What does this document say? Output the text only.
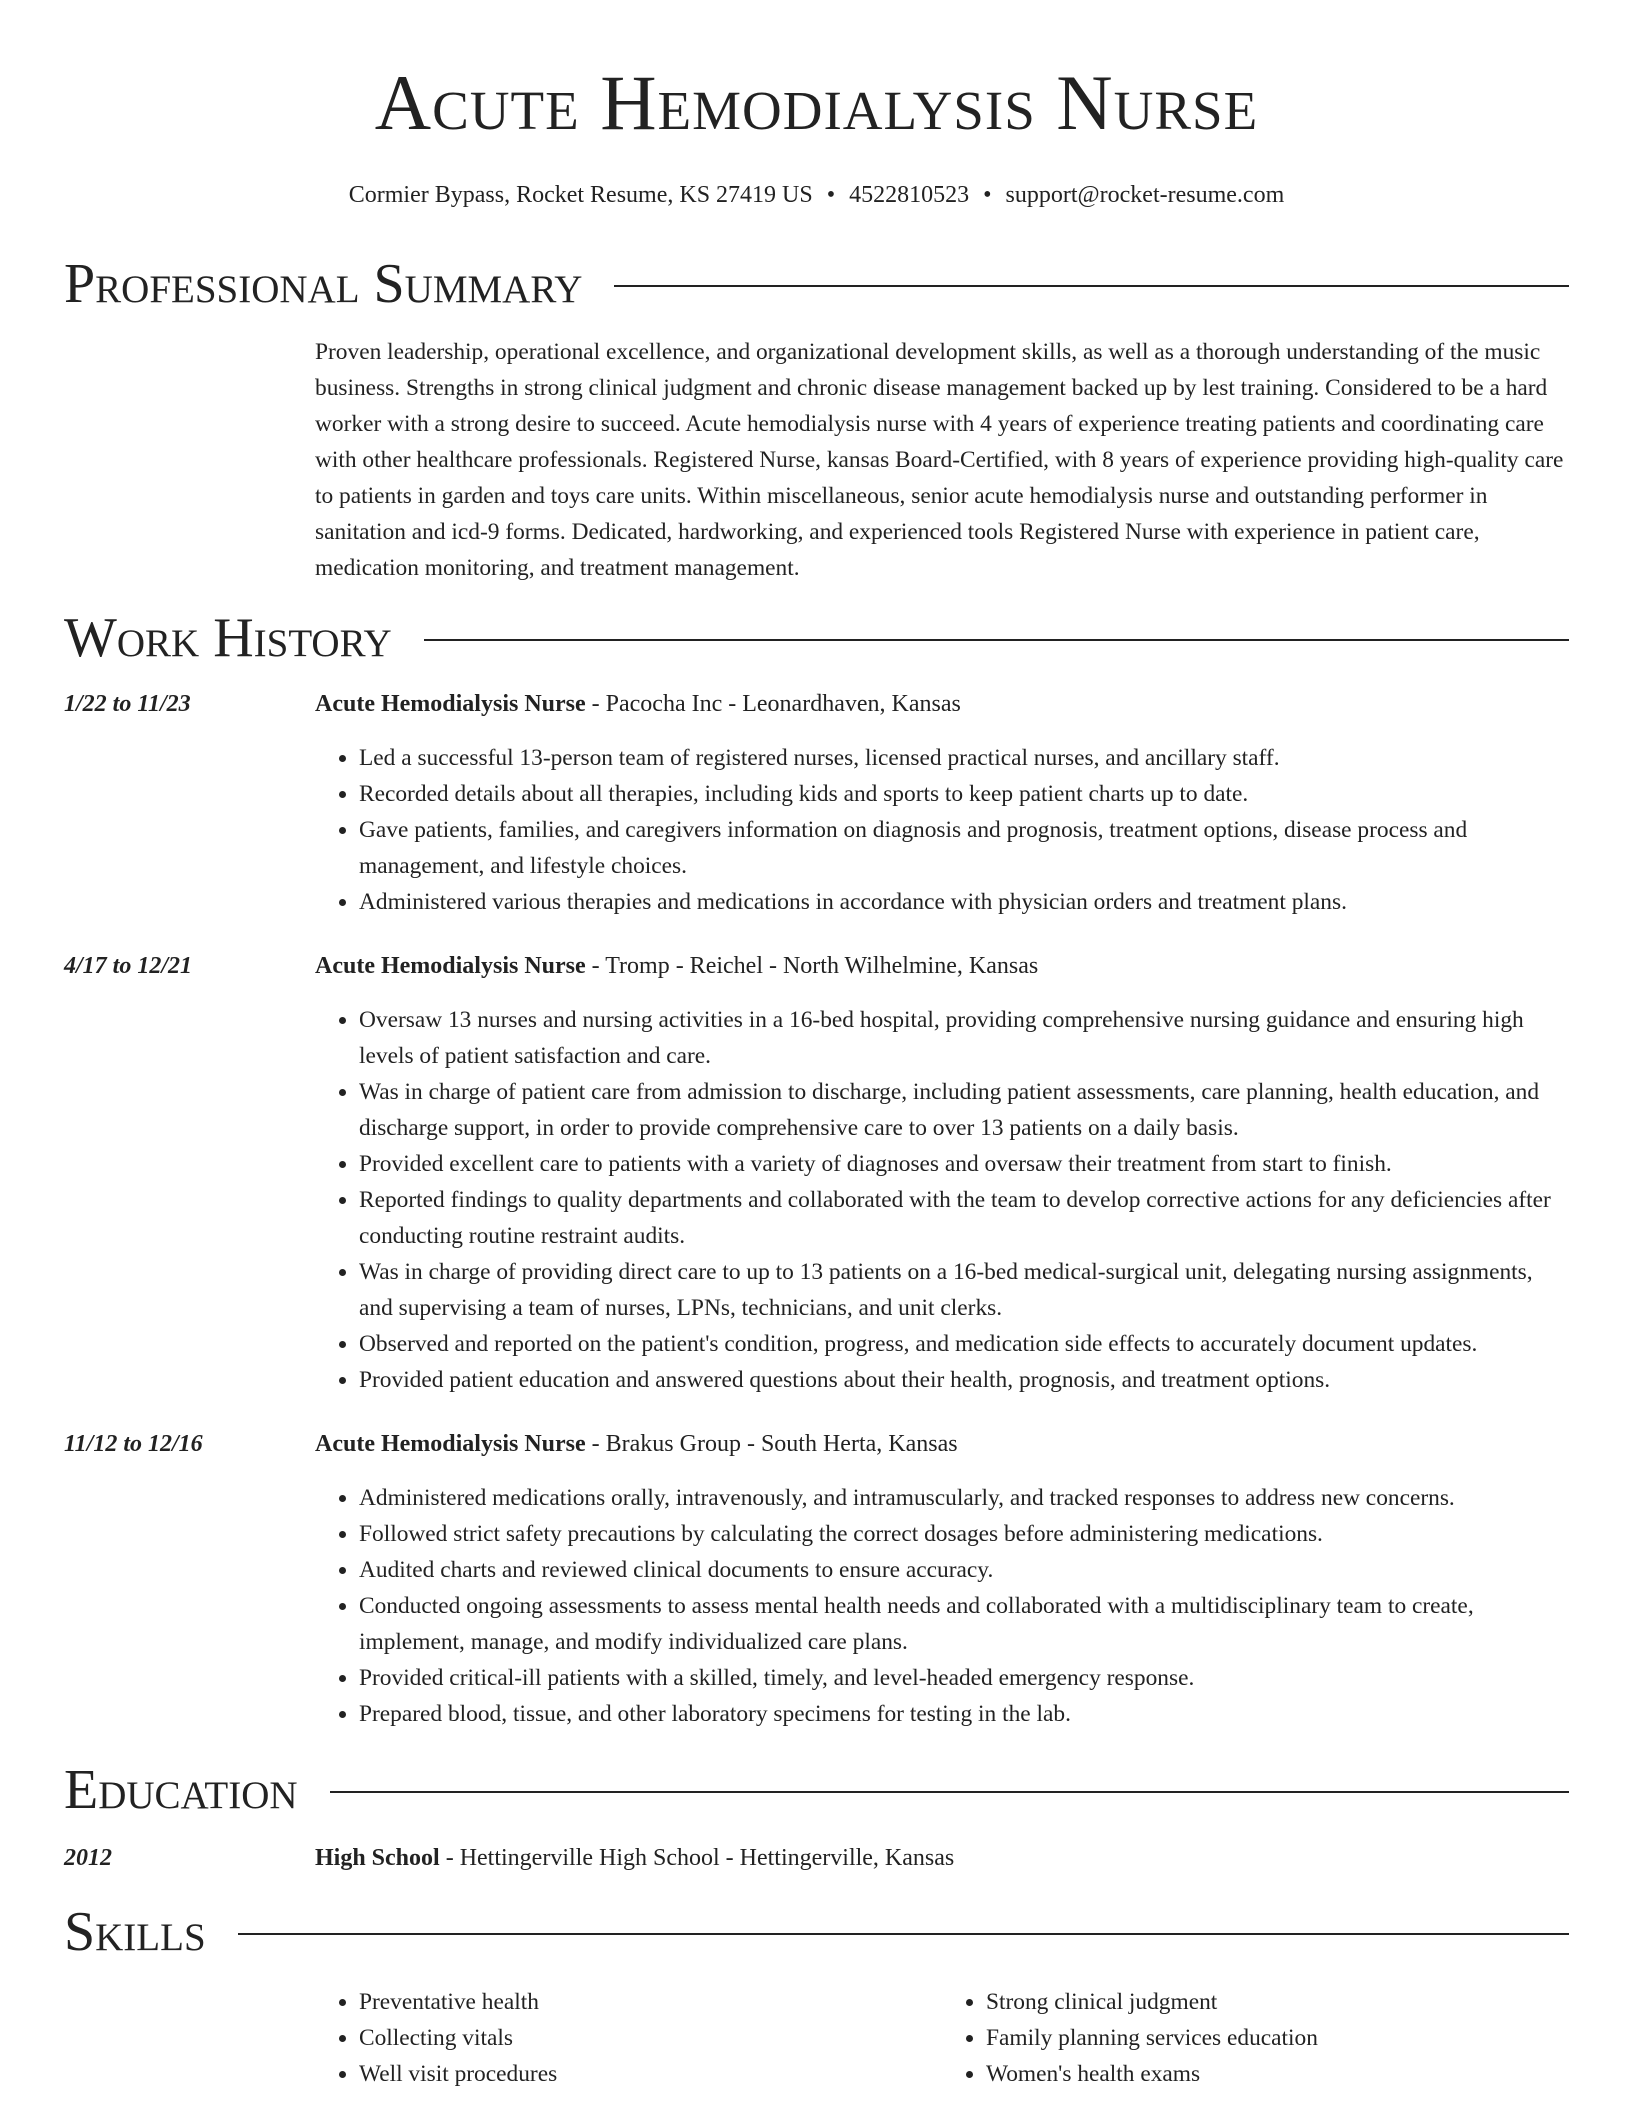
Acute Hemodialysis Nurse
Cormier Bypass, Rocket Resume, KS 27419 US • 4522810523 • support@rocket-resume.com
Professional Summary
Proven leadership, operational excellence, and organizational development skills, as well as a thorough understanding of the music business. Strengths in strong clinical judgment and chronic disease management backed up by lest training. Considered to be a hard worker with a strong desire to succeed. Acute hemodialysis nurse with 4 years of experience treating patients and coordinating care with other healthcare professionals. Registered Nurse, kansas Board-Certified, with 8 years of experience providing high-quality care to patients in garden and toys care units. Within miscellaneous, senior acute hemodialysis nurse and outstanding performer in sanitation and icd-9 forms. Dedicated, hardworking, and experienced tools Registered Nurse with experience in patient care, medication monitoring, and treatment management.
Work History
1/22 to 11/23	Acute Hemodialysis Nurse - Pacocha Inc - Leonardhaven, Kansas
• Led a successful 13-person team of registered nurses, licensed practical nurses, and ancillary staff.
• Recorded details about all therapies, including kids and sports to keep patient charts up to date.
• Gave patients, families, and caregivers information on diagnosis and prognosis, treatment options, disease process and management, and lifestyle choices.
• Administered various therapies and medications in accordance with physician orders and treatment plans.
4/17 to 12/21	Acute Hemodialysis Nurse - Tromp - Reichel - North Wilhelmine, Kansas
• Oversaw 13 nurses and nursing activities in a 16-bed hospital, providing comprehensive nursing guidance and ensuring high levels of patient satisfaction and care.
• Was in charge of patient care from admission to discharge, including patient assessments, care planning, health education, and discharge support, in order to provide comprehensive care to over 13 patients on a daily basis.
• Provided excellent care to patients with a variety of diagnoses and oversaw their treatment from start to finish.
• Reported findings to quality departments and collaborated with the team to develop corrective actions for any deficiencies after conducting routine restraint audits.
• Was in charge of providing direct care to up to 13 patients on a 16-bed medical-surgical unit, delegating nursing assignments, and supervising a team of nurses, LPNs, technicians, and unit clerks.
• Observed and reported on the patient's condition, progress, and medication side effects to accurately document updates.
• Provided patient education and answered questions about their health, prognosis, and treatment options.
11/12 to 12/16	Acute Hemodialysis Nurse - Brakus Group - South Herta, Kansas
• Administered medications orally, intravenously, and intramuscularly, and tracked responses to address new concerns.
• Followed strict safety precautions by calculating the correct dosages before administering medications.
• Audited charts and reviewed clinical documents to ensure accuracy.
• Conducted ongoing assessments to assess mental health needs and collaborated with a multidisciplinary team to create, implement, manage, and modify individualized care plans.
• Provided critical-ill patients with a skilled, timely, and level-headed emergency response.
• Prepared blood, tissue, and other laboratory specimens for testing in the lab.
Education
2012	High School - Hettingerville High School - Hettingerville, Kansas
Skills
• Preventative health
• Collecting vitals
• Well visit procedures
• Strong clinical judgment
• Family planning services education
• Women's health exams
